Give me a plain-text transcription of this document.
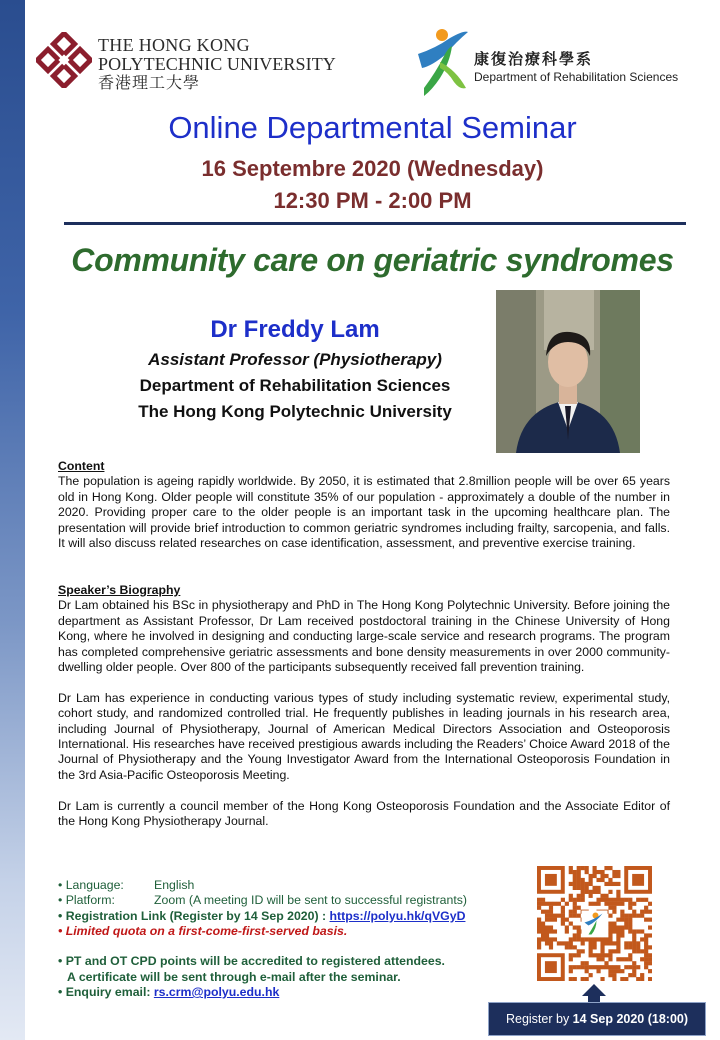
THE HONG KONG
POLYTECHNIC UNIVERSITY
香港理工大學
康復治療科學系
Department of Rehabilitation Sciences
Online Departmental Seminar
16 Septembre 2020 (Wednesday)
12:30 PM - 2:00 PM
Community care on geriatric syndromes
Dr Freddy Lam
Assistant Professor (Physiotherapy)
Department of Rehabilitation Sciences
The Hong Kong Polytechnic University
Content

The population is ageing rapidly worldwide. By 2050, it is estimated that 2.8million people will be over 65 years old in Hong Kong. Older people will constitute 35% of our population - approximately a double of the number in 2020. Providing proper care to the older people is an important task in the upcoming healthcare plan. The presentation will provide brief introduction to common geriatric syndromes including frailty, sarcopenia, and falls. It will also discuss related researches on case identification, assessment, and preventive exercise training.

Speaker’s Biography

Dr Lam obtained his BSc in physiotherapy and PhD in The Hong Kong Polytechnic University. Before joining the department as Assistant Professor, Dr Lam received postdoctoral training in the Chinese University of Hong Kong, where he involved in designing and conducting large-scale service and research programs. The program has completed comprehensive geriatric assessments and bone density measurements in over 2000 community-dwelling older people. Over 800 of the participants subsequently received fall prevention training.

Dr Lam has experience in conducting various types of study including systematic review, experimental study, cohort study, and randomized controlled trial. He frequently publishes in leading journals in his research area, including Journal of Physiotherapy, Journal of American Medical Directors Association and Osteoporosis International. His researches have received prestigious awards including the Readers’ Choice Award 2018 of the Journal of Physiotherapy and the Young Investigator Award from the International Osteoporosis Foundation in the 3rd Asia-Pacific Osteoporosis Meeting.

Dr Lam is currently a council member of the Hong Kong Osteoporosis Foundation and the Associate Editor of the Hong Kong Physiotherapy Journal.

• Language: English
• Platform:	Zoom (A meeting ID will be sent to successful registrants)
• Registration Link (Register by 14 Sep 2020) : https://polyu.hk/qVGyD
• Limited quota on a first-come-first-served basis.
• PT and OT CPD points will be accredited to registered attendees.
A certificate will be sent through e-mail after the seminar.
• Enquiry email: rs.crm@polyu.edu.hk
Register by 14 Sep 2020 (18:00)
